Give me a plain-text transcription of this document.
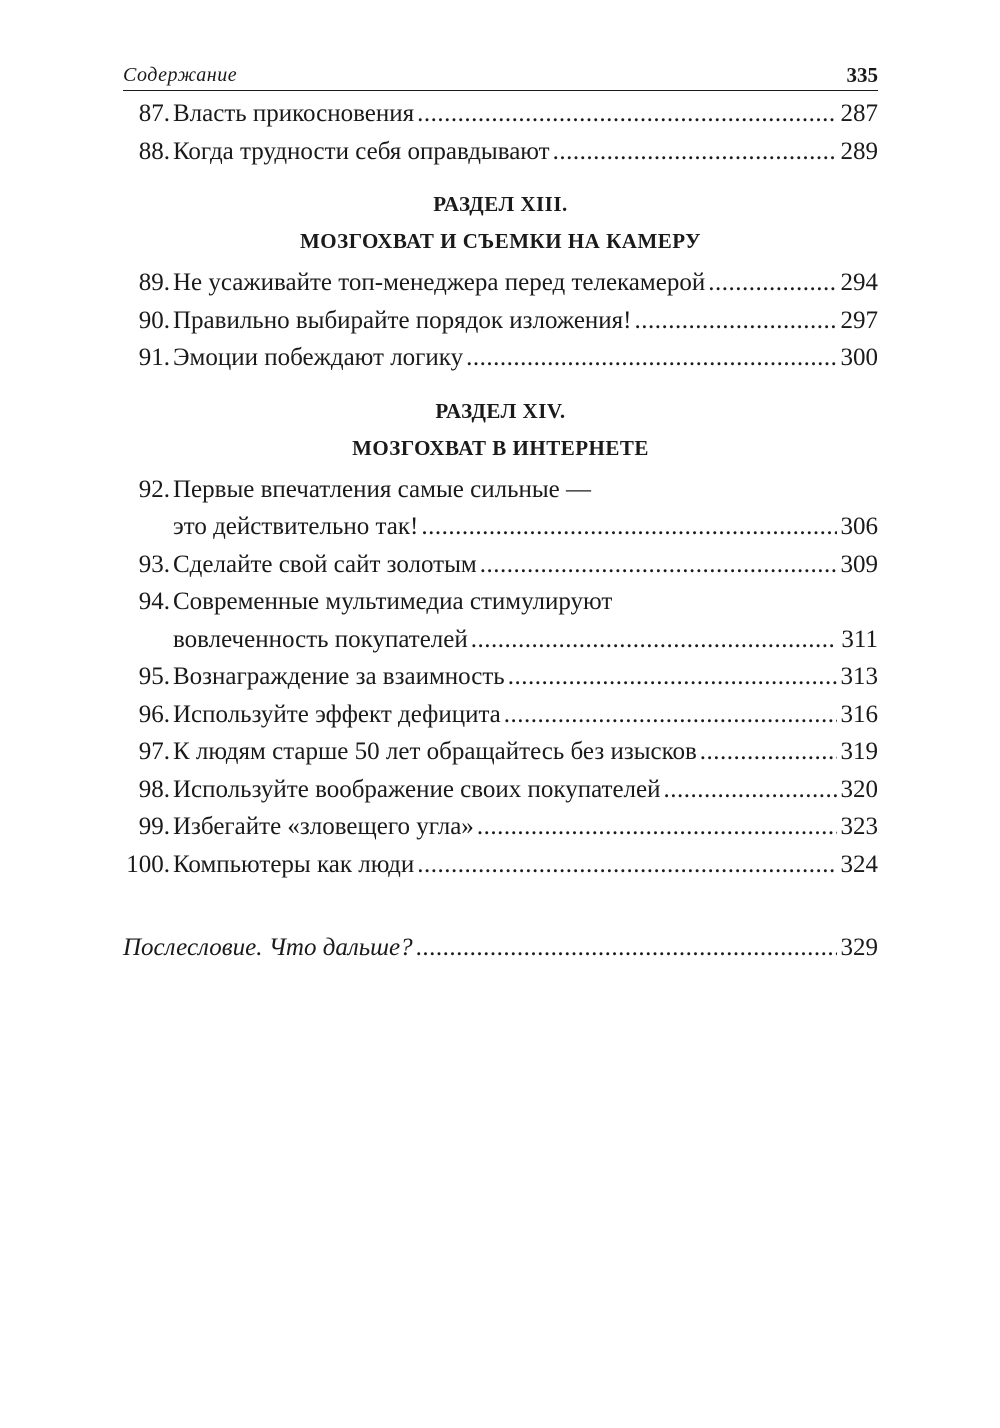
Содержание	335
87. Власть прикосновения .....	287
88. Когда трудности себя оправдывают .....	289
РАЗДЕЛ XIII.
МОЗГОХВАТ И СЪЕМКИ НА КАМЕРУ
89. Не усаживайте топ-менеджера перед телекамерой .....	294
90. Правильно выбирайте порядок изложения! .....	297
91. Эмоции побеждают логику .....	300
РАЗДЕЛ XIV.
МОЗГОХВАТ В ИНТЕРНЕТЕ
92. Первые впечатления самые сильные —
это действительно так! .....	306
93. Сделайте свой сайт золотым .....	309
94. Современные мультимедиа стимулируют
вовлеченность покупателей .....	311
95. Вознаграждение за взаимность .....	313
96. Используйте эффект дефицита .....	316
97. К людям старше 50 лет обращайтесь без изысков .....	319
98. Используйте воображение своих покупателей .....	320
99. Избегайте «зловещего угла» .....	323
100. Компьютеры как люди .....	324
Послесловие. Что дальше? .....	329
